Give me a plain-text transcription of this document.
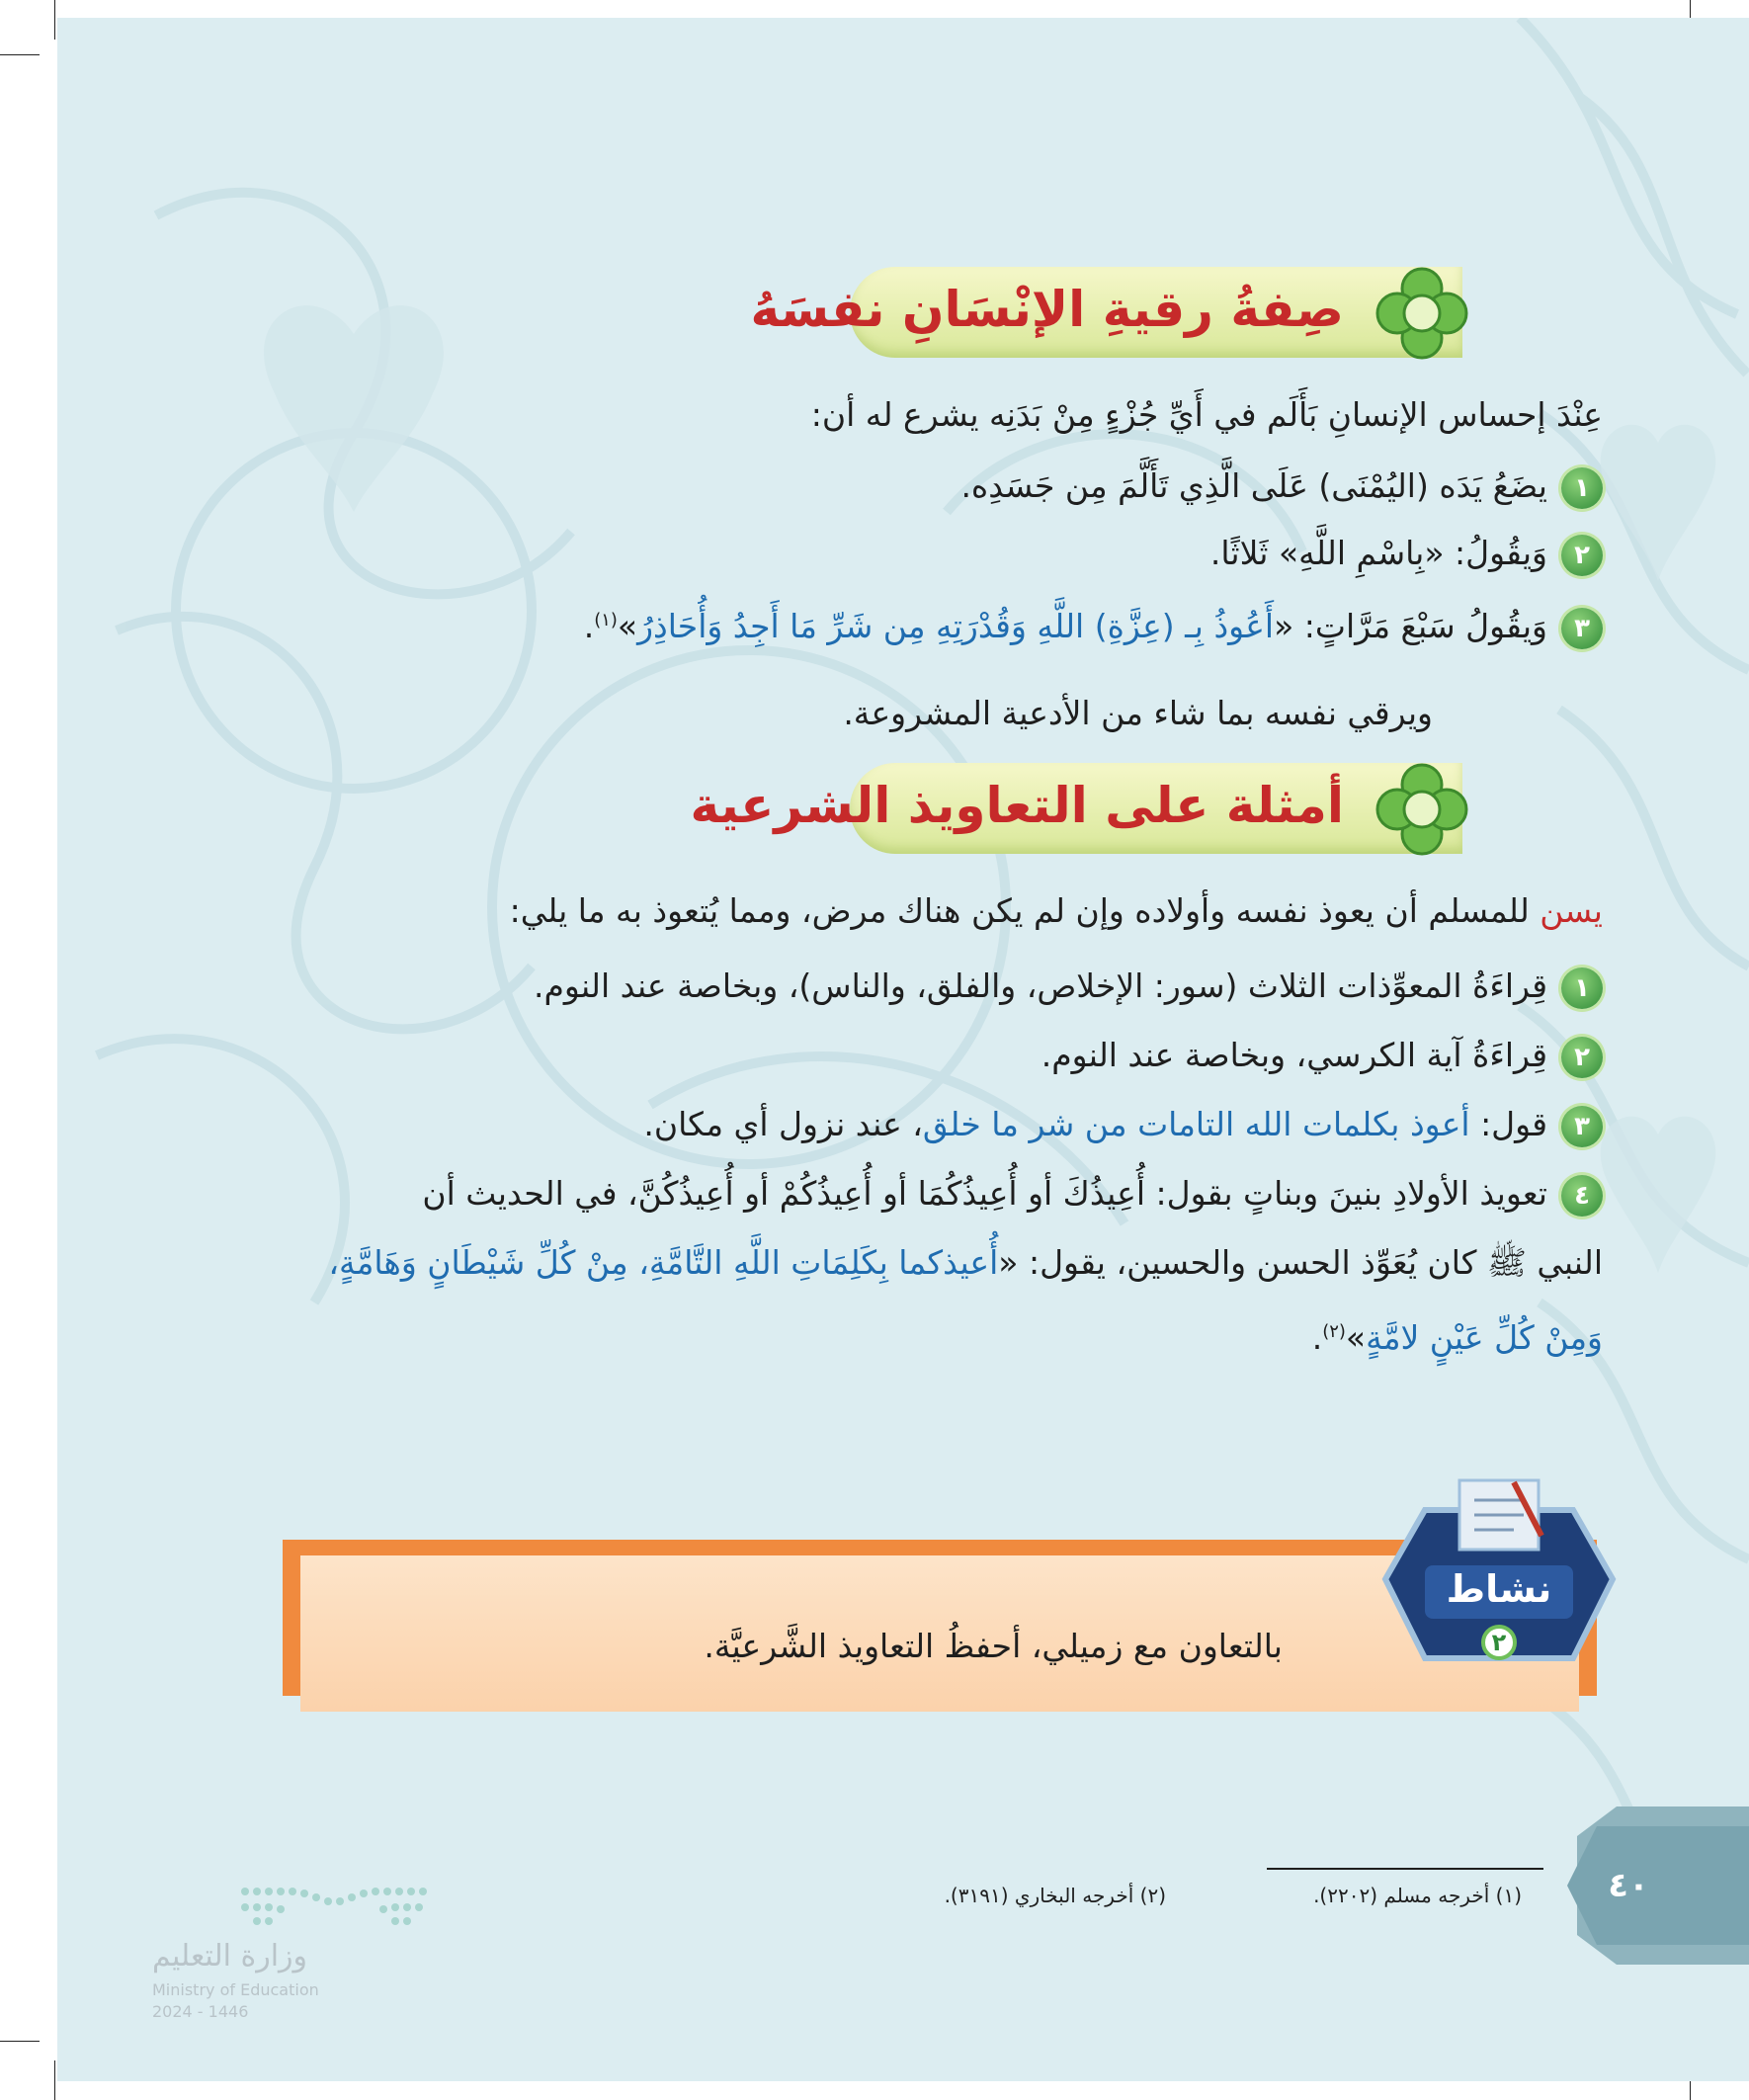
صِفةُ رقيةِ الإنْسَانِ نفسَهُ
عِنْدَ إحساس الإنسانِ بَأَلَم في أَيِّ جُزْءٍ مِنْ بَدَنِه يشرع له أن:
١يضَعُ يَدَه (اليُمْنَى) عَلَى الَّذِي تَأَلَّمَ مِن جَسَدِه.
٢وَيقُولُ: «بِاسْمِ اللَّهِ» ثَلاثًا.
٣وَيقُولُ سَبْعَ مَرَّاتٍ: «أَعُوذُ بِـ (عِزَّةِ) اللَّهِ وَقُدْرَتِهِ مِن شَرِّ مَا أَجِدُ وَأُحَاذِرُ»$^{(١)}$.
ويرقي نفسه بما شاء من الأدعية المشروعة.
أمثلة على التعاويذ الشرعية
يسن للمسلم أن يعوذ نفسه وأولاده وإن لم يكن هناك مرض، ومما يُتعوذ به ما يلي:
١قِراءَةُ المعوِّذات الثلاث (سور: الإخلاص، والفلق، والناس)، وبخاصة عند النوم.
٢قِراءَةُ آية الكرسي، وبخاصة عند النوم.
٣قول: أعوذ بكلمات الله التامات من شر ما خلق، عند نزول أي مكان.
٤تعويذ الأولادِ بنينَ وبناتٍ بقول: أُعِيذُكَ أو أُعِيذُكُمَا أو أُعِيذُكُمْ أو أُعِيذُكُنَّ، في الحديث أن
النبي ﷺ كان يُعَوِّذ الحسن والحسين، يقول: «أُعيذكما بِكَلِمَاتِ اللَّهِ التَّامَّةِ، مِنْ كُلِّ شَيْطَانٍ وَهَامَّةٍ،
وَمِنْ كُلِّ عَيْنٍ لامَّةٍ»$^{(٢)}$.
بالتعاون مع زميلي، أحفظُ التعاويذ الشَّرعيَّة.
نشاط
٢
(١) أخرجه مسلم (٢٢٠٢).
(٢) أخرجه البخاري (٣١٩١).	٤٠
وزارة التعليم
Ministry of Education
2024 - 1446
